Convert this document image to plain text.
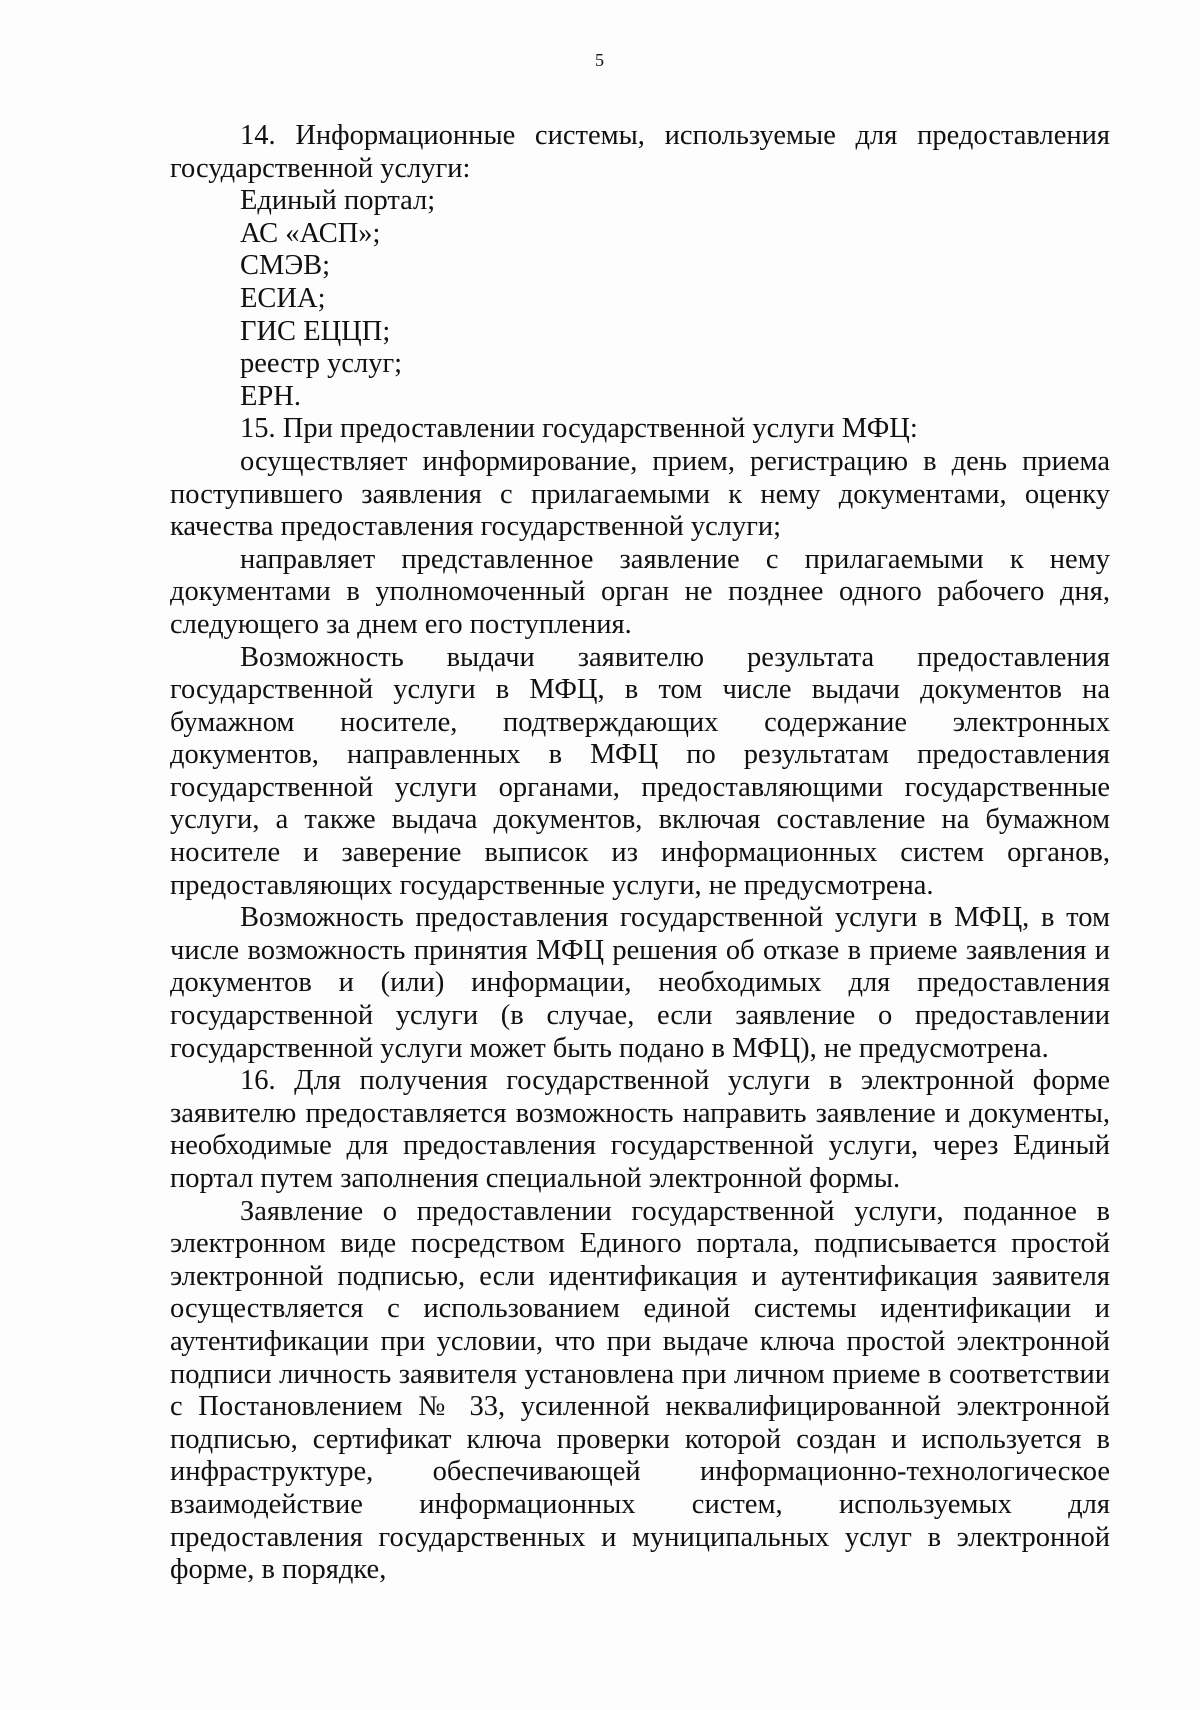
5

14. Информационные системы, используемые для предоставления государственной услуги:

Единый портал;
АС «АСП»;
СМЭВ;
ЕСИА;
ГИС ЕЦЦП;
реестр услуг;
ЕРН.

15. При предоставлении государственной услуги МФЦ:

осуществляет информирование, прием, регистрацию в день приема поступившего заявления с прилагаемыми к нему документами, оценку качества предоставления государственной услуги;

направляет представленное заявление с прилагаемыми к нему документами в уполномоченный орган не позднее одного рабочего дня, следующего за днем его поступления.

Возможность выдачи заявителю результата предоставления государственной услуги в МФЦ, в том числе выдачи документов на бумажном носителе, подтверждающих содержание электронных документов, направленных в МФЦ по результатам предоставления государственной услуги органами, предоставляющими государственные услуги, а также выдача документов, включая составление на бумажном носителе и заверение выписок из информационных систем органов, предоставляющих государственные услуги, не предусмотрена.

Возможность предоставления государственной услуги в МФЦ, в том числе возможность принятия МФЦ решения об отказе в приеме заявления и документов и (или) информации, необходимых для предоставления государственной услуги (в случае, если заявление о предоставлении государственной услуги может быть подано в МФЦ), не предусмотрена.

16. Для получения государственной услуги в электронной форме заявителю предоставляется возможность направить заявление и документы, необходимые для предоставления государственной услуги, через Единый портал путем заполнения специальной электронной формы.

Заявление о предоставлении государственной услуги, поданное в электронном виде посредством Единого портала, подписывается простой электронной подписью, если идентификация и аутентификация заявителя осуществляется с использованием единой системы идентификации и аутентификации при условии, что при выдаче ключа простой электронной подписи личность заявителя установлена при личном приеме в соответствии с Постановлением № 33, усиленной неквалифицированной электронной подписью, сертификат ключа проверки которой создан и используется в инфраструктуре, обеспечивающей информационно-технологическое взаимодействие информационных систем, используемых для предоставления государственных и муниципальных услуг в электронной форме, в порядке,
